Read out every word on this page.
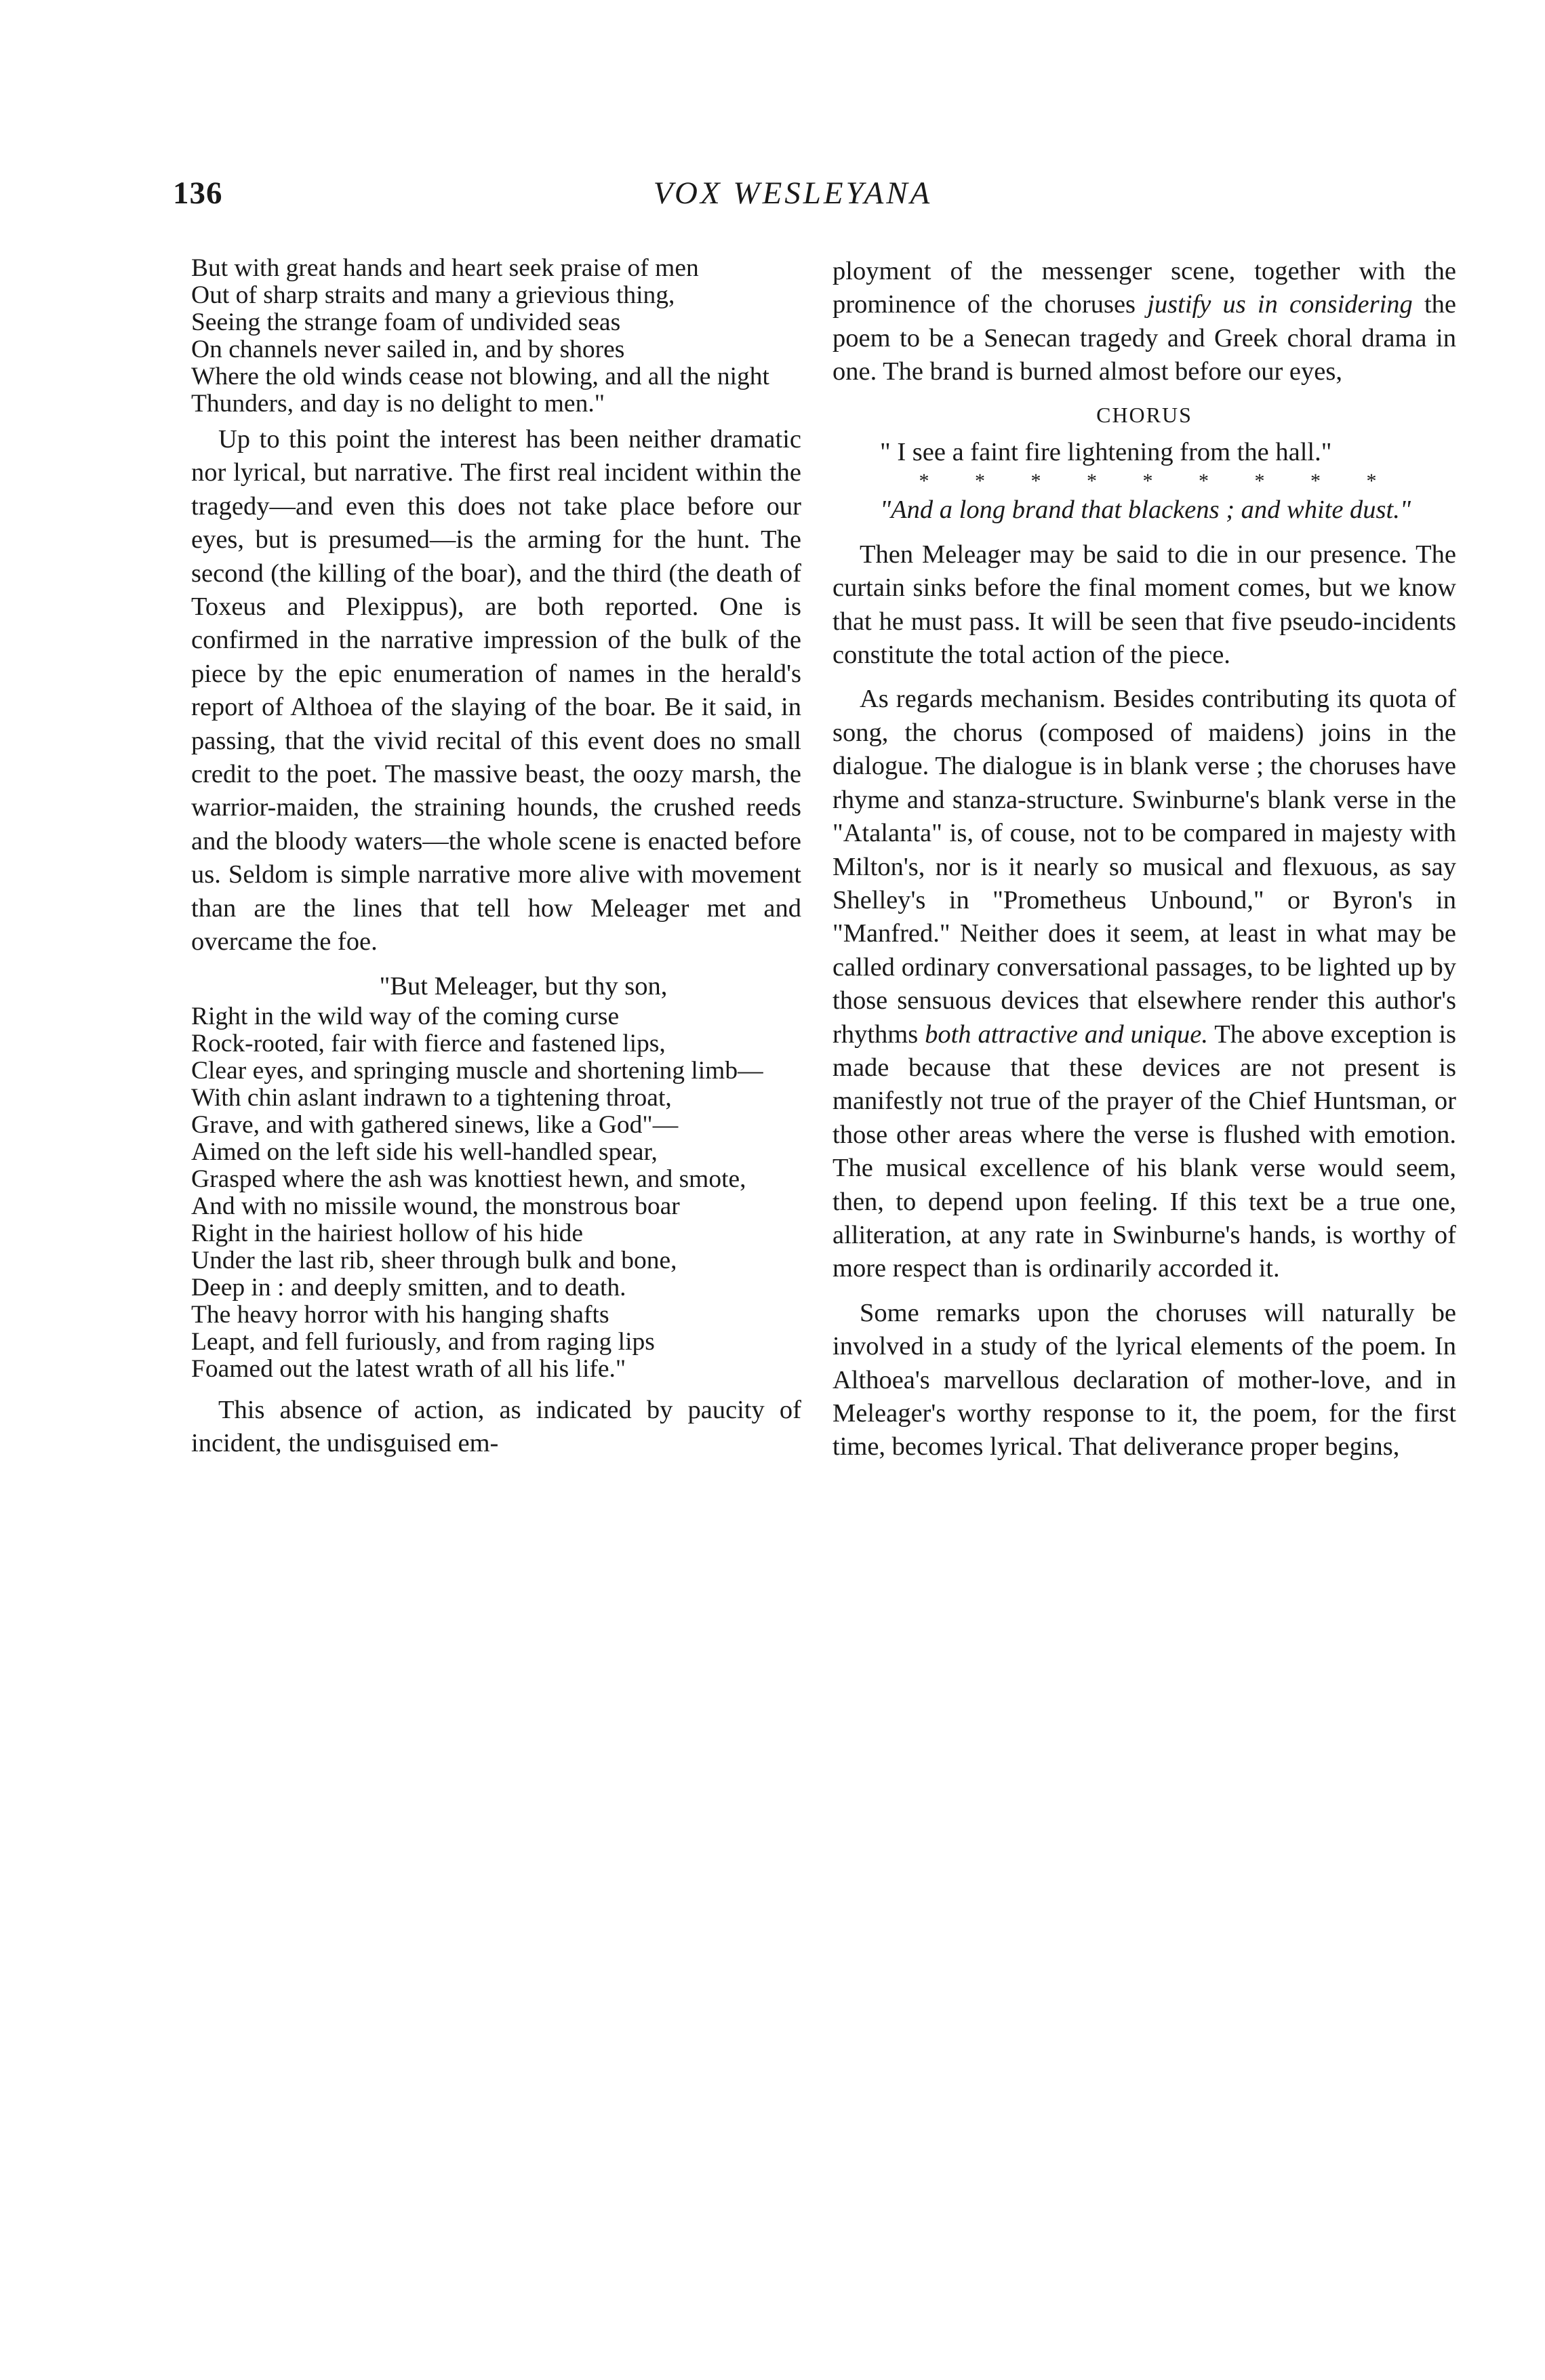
136	VOX WESLEYANA
But with great hands and heart seek praise of men
Out of sharp straits and many a grievious thing,
Seeing the strange foam of undivided seas
On channels never sailed in, and by shores
Where the old winds cease not blowing, and all the night
Thunders, and day is no delight to men."

Up to this point the interest has been neither dramatic nor lyrical, but narrative. The first real incident within the tragedy—and even this does not take place before our eyes, but is presumed—is the arming for the hunt. The second (the killing of the boar), and the third (the death of Toxeus and Plexippus), are both reported. One is confirmed in the narrative impression of the bulk of the piece by the epic enumeration of names in the herald's report of Althoea of the slaying of the boar. Be it said, in passing, that the vivid recital of this event does no small credit to the poet. The massive beast, the oozy marsh, the warrior-maiden, the straining hounds, the crushed reeds and the bloody waters—the whole scene is enacted before us. Seldom is simple narrative more alive with movement than are the lines that tell how Meleager met and overcame the foe.

"But Meleager, but thy son,

Right in the wild way of the coming curse
Rock-rooted, fair with fierce and fastened lips,
Clear eyes, and springing muscle and shortening limb—
With chin aslant indrawn to a tightening throat,
Grave, and with gathered sinews, like a God"—
Aimed on the left side his well-handled spear,
Grasped where the ash was knottiest hewn, and smote,
And with no missile wound, the monstrous boar
Right in the hairiest hollow of his hide
Under the last rib, sheer through bulk and bone,
Deep in : and deeply smitten, and to death.
The heavy horror with his hanging shafts
Leapt, and fell furiously, and from raging lips
Foamed out the latest wrath of all his life."

This absence of action, as indicated by paucity of incident, the undisguised em-

ployment of the messenger scene, together with the prominence of the choruses justify us in considering the poem to be a Senecan tragedy and Greek choral drama in one. The brand is burned almost before our eyes,

CHORUS

" I see a faint fire lightening from the hall."

* * * * * * * * *

"And a long brand that blackens ; and white dust."

Then Meleager may be said to die in our presence. The curtain sinks before the final moment comes, but we know that he must pass. It will be seen that five pseudo-incidents constitute the total action of the piece.

As regards mechanism. Besides contributing its quota of song, the chorus (composed of maidens) joins in the dialogue. The dialogue is in blank verse ; the choruses have rhyme and stanza-structure. Swinburne's blank verse in the "Atalanta" is, of couse, not to be compared in majesty with Milton's, nor is it nearly so musical and flexuous, as say Shelley's in "Prometheus Unbound," or Byron's in "Manfred." Neither does it seem, at least in what may be called ordinary conversational passages, to be lighted up by those sensuous devices that elsewhere render this author's rhythms both attractive and unique. The above exception is made because that these devices are not present is manifestly not true of the prayer of the Chief Huntsman, or those other areas where the verse is flushed with emotion. The musical excellence of his blank verse would seem, then, to depend upon feeling. If this text be a true one, alliteration, at any rate in Swinburne's hands, is worthy of more respect than is ordinarily accorded it.

Some remarks upon the choruses will naturally be involved in a study of the lyrical elements of the poem. In Althoea's marvellous declaration of mother-love, and in Meleager's worthy response to it, the poem, for the first time, becomes lyrical. That deliverance proper begins,
